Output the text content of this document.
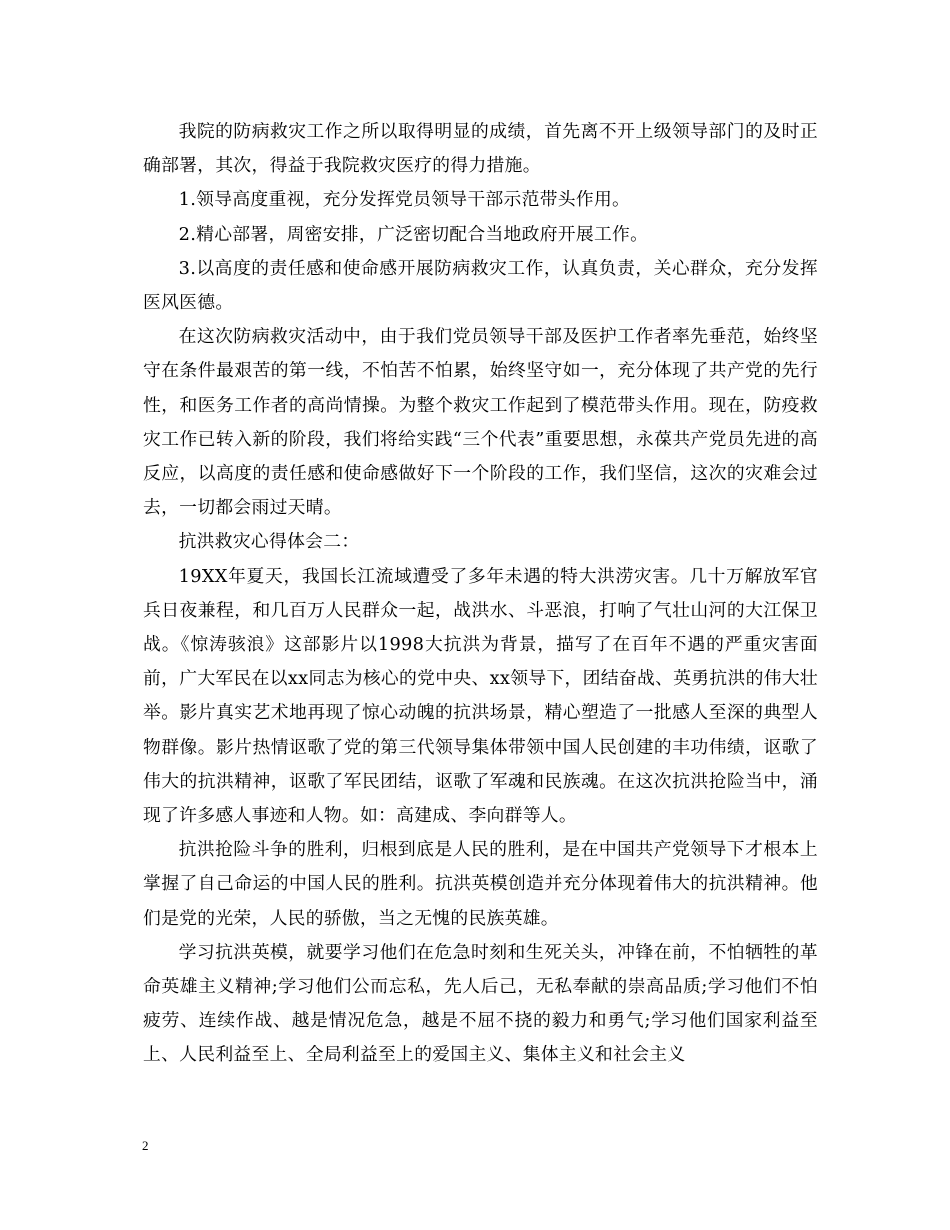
我院的防病救灾工作之所以取得明显的成绩，首先离不开上级领导部门的及时正确部署，其次，得益于我院救灾医疗的得力措施。

1.领导高度重视，充分发挥党员领导干部示范带头作用。

2.精心部署，周密安排，广泛密切配合当地政府开展工作。

3.以高度的责任感和使命感开展防病救灾工作，认真负责，关心群众，充分发挥医风医德。

在这次防病救灾活动中，由于我们党员领导干部及医护工作者率先垂范，始终坚守在条件最艰苦的第一线，不怕苦不怕累，始终坚守如一，充分体现了共产党的先行性，和医务工作者的高尚情操。为整个救灾工作起到了模范带头作用。现在，防疫救灾工作已转入新的阶段，我们将给实践“三个代表”重要思想，永葆共产党员先进的高反应，以高度的责任感和使命感做好下一个阶段的工作，我们坚信，这次的灾难会过去，一切都会雨过天晴。

抗洪救灾心得体会二：

19XX年夏天，我国长江流域遭受了多年未遇的特大洪涝灾害。几十万解放军官兵日夜兼程，和几百万人民群众一起，战洪水、斗恶浪，打响了气壮山河的大江保卫战。《惊涛骇浪》这部影片以1998大抗洪为背景，描写了在百年不遇的严重灾害面前，广大军民在以xx同志为核心的党中央、xx领导下，团结奋战、英勇抗洪的伟大壮举。影片真实艺术地再现了惊心动魄的抗洪场景，精心塑造了一批感人至深的典型人物群像。影片热情讴歌了党的第三代领导集体带领中国人民创建的丰功伟绩，讴歌了伟大的抗洪精神，讴歌了军民团结，讴歌了军魂和民族魂。在这次抗洪抢险当中，涌现了许多感人事迹和人物。如：高建成、李向群等人。

抗洪抢险斗争的胜利，归根到底是人民的胜利，是在中国共产党领导下才根本上掌握了自己命运的中国人民的胜利。抗洪英模创造并充分体现着伟大的抗洪精神。他们是党的光荣，人民的骄傲，当之无愧的民族英雄。

学习抗洪英模，就要学习他们在危急时刻和生死关头，冲锋在前，不怕牺牲的革命英雄主义精神;学习他们公而忘私，先人后己，无私奉献的崇高品质;学习他们不怕疲劳、连续作战、越是情况危急，越是不屈不挠的毅力和勇气;学习他们国家利益至上、人民利益至上、全局利益至上的爱国主义、集体主义和社会主义

2
